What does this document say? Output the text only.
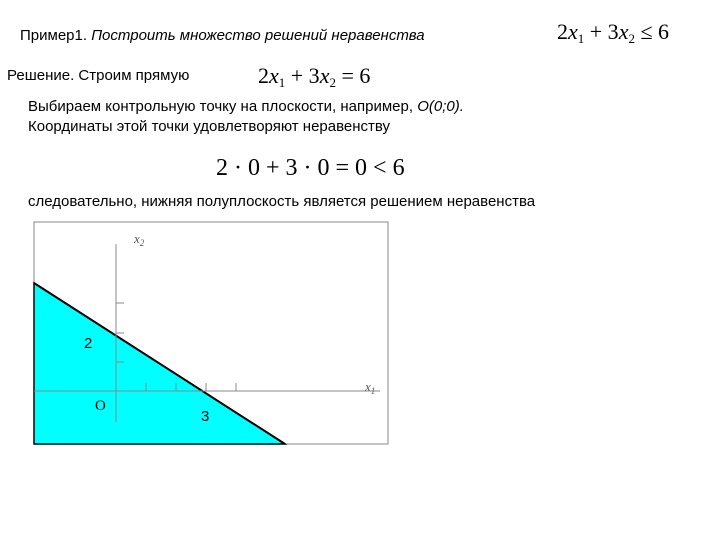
Пример1. Построить множество решений неравенства	$2x_1 + 3x_2 \le 6$
Решение. Строим прямую	$2x_1 + 3x_2 = 6$
Выбираем контрольную точку на плоскости, например, O(0;0).
Координаты этой точки удовлетворяют неравенству
2 · 0 + 3 · 0 = 0 < 6
следовательно, нижняя полуплоскость является решением неравенства
$x_2$
$x_1$
2
O
3
